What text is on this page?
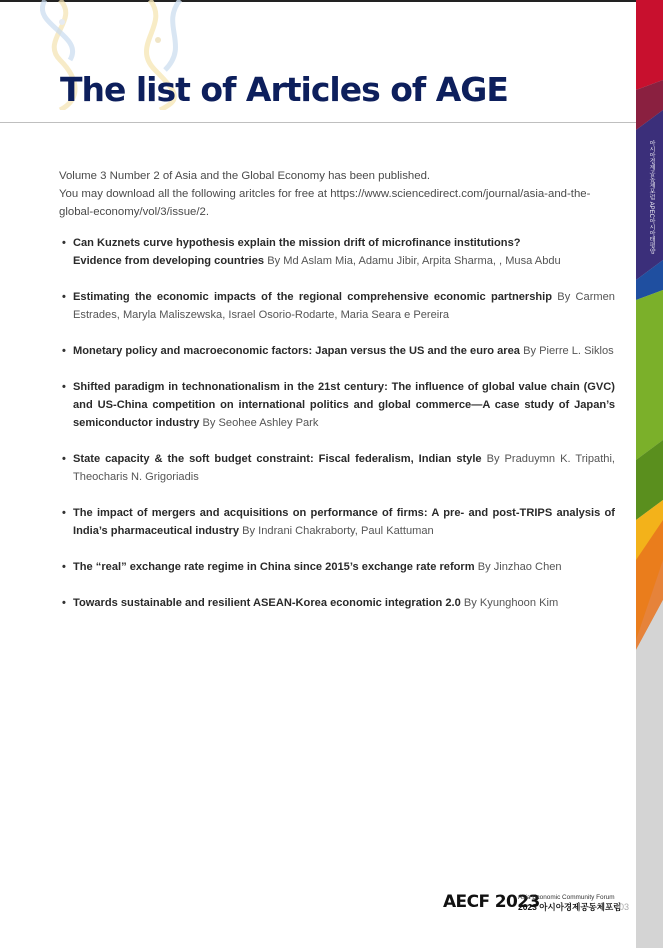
The list of Articles of AGE

Volume 3 Number 2 of Asia and the Global Economy has been published.

You may download all the following aritcles for free at https://www.sciencedirect.com/journal/asia-and-the-global-economy/vol/3/issue/2.

• Can Kuznets curve hypothesis explain the mission drift of microfinance institutions?
Evidence from developing countries By Md Aslam Mia, Adamu Jibir, Arpita Sharma, , Musa Abdu
• Estimating the economic impacts of the regional comprehensive economic partnership By Carmen Estrades, Maryla Maliszewska, Israel Osorio-Rodarte, Maria Seara e Pereira
• Monetary policy and macroeconomic factors: Japan versus the US and the euro area By Pierre L. Siklos
• Shifted paradigm in technonationalism in the 21st century: The influence of global value chain (GVC) and US-China competition on international politics and global commerce—A case study of Japan’s semiconductor industry By Seohee Ashley Park
• State capacity & the soft budget constraint: Fiscal federalism, Indian style By Praduymn K. Tripathi, Theocharis N. Grigoriadis
• The impact of mergers and acquisitions on performance of firms: A pre- and post-TRIPS analysis of India’s pharmaceutical industry By Indrani Chakraborty, Paul Kattuman
• The “real” exchange rate regime in China since 2015’s exchange rate reform By Jinzhao Chen
• Towards sustainable and resilient ASEAN-Korea economic integration 2.0 By Kyunghoon Kim
아시아경제공동체포럼 APEC아시아태평양
AECF 2023
Asia Economic Community Forum
2023 아시아경제공동체포럼
03
